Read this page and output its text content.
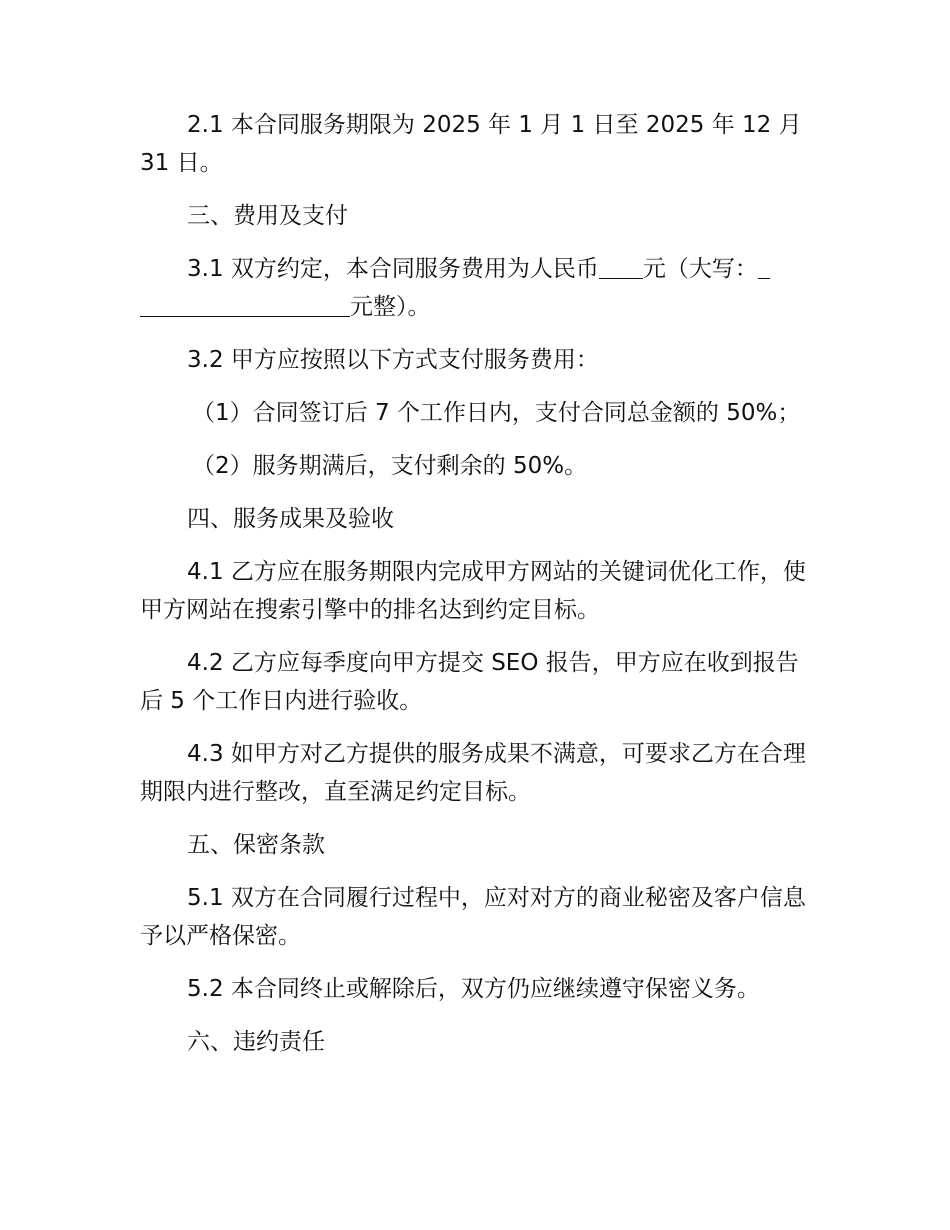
2.1 本合同服务期限为 2025 年 1 月 1 日至 2025 年 12 月 31 日。

三、费用及支付

3.1 双方约定，本合同服务费用为人民币 元（大写：元整）。

3.2 甲方应按照以下方式支付服务费用：

（1）合同签订后 7 个工作日内，支付合同总金额的 50%；

（2）服务期满后，支付剩余的 50%。

四、服务成果及验收

4.1 乙方应在服务期限内完成甲方网站的关键词优化工作，使甲方网站在搜索引擎中的排名达到约定目标。

4.2 乙方应每季度向甲方提交 SEO 报告，甲方应在收到报告后 5 个工作日内进行验收。

4.3 如甲方对乙方提供的服务成果不满意，可要求乙方在合理期限内进行整改，直至满足约定目标。

五、保密条款

5.1 双方在合同履行过程中，应对对方的商业秘密及客户信息予以严格保密。

5.2 本合同终止或解除后，双方仍应继续遵守保密义务。

六、违约责任
